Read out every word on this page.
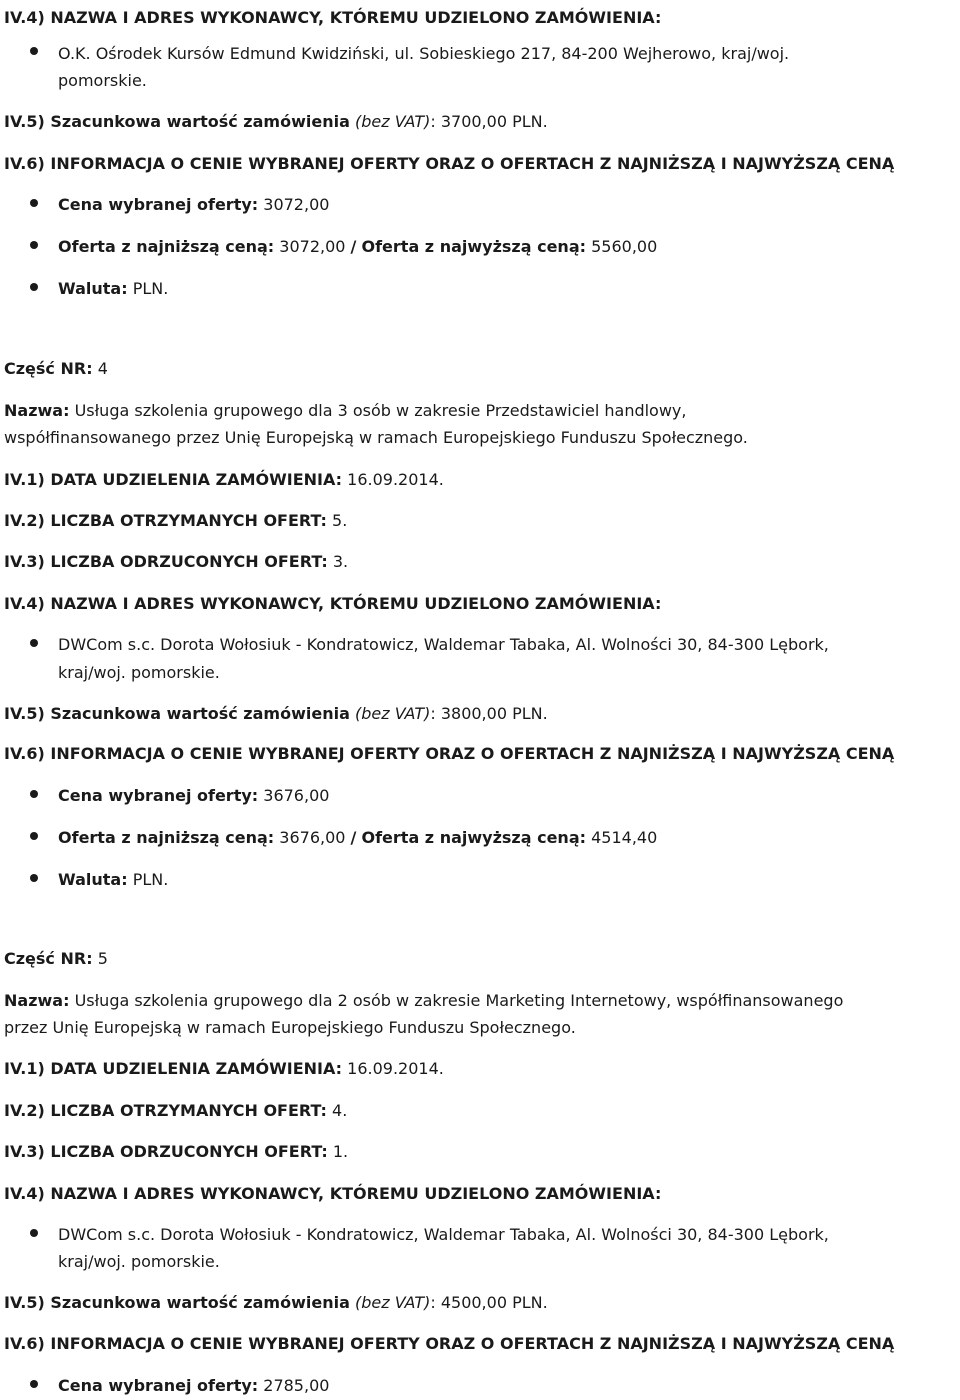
IV.4) NAZWA I ADRES WYKONAWCY, KTÓREMU UDZIELONO ZAMÓWIENIA:
O.K. Ośrodek Kursów Edmund Kwidziński, ul. Sobieskiego 217, 84-200 Wejherowo, kraj/woj.
pomorskie.
IV.5) Szacunkowa wartość zamówienia (bez VAT): 3700,00 PLN.
IV.6) INFORMACJA O CENIE WYBRANEJ OFERTY ORAZ O OFERTACH Z NAJNIŻSZĄ I NAJWYŻSZĄ CENĄ
Cena wybranej oferty: 3072,00
Oferta z najniższą ceną: 3072,00 / Oferta z najwyższą ceną: 5560,00
Waluta: PLN.
Część NR: 4
Nazwa: Usługa szkolenia grupowego dla 3 osób w zakresie Przedstawiciel handlowy,
współfinansowanego przez Unię Europejską w ramach Europejskiego Funduszu Społecznego.
IV.1) DATA UDZIELENIA ZAMÓWIENIA: 16.09.2014.
IV.2) LICZBA OTRZYMANYCH OFERT: 5.
IV.3) LICZBA ODRZUCONYCH OFERT: 3.
IV.4) NAZWA I ADRES WYKONAWCY, KTÓREMU UDZIELONO ZAMÓWIENIA:
DWCom s.c. Dorota Wołosiuk - Kondratowicz, Waldemar Tabaka, Al. Wolności 30, 84-300 Lębork,
kraj/woj. pomorskie.
IV.5) Szacunkowa wartość zamówienia (bez VAT): 3800,00 PLN.
IV.6) INFORMACJA O CENIE WYBRANEJ OFERTY ORAZ O OFERTACH Z NAJNIŻSZĄ I NAJWYŻSZĄ CENĄ
Cena wybranej oferty: 3676,00
Oferta z najniższą ceną: 3676,00 / Oferta z najwyższą ceną: 4514,40
Waluta: PLN.
Część NR: 5
Nazwa: Usługa szkolenia grupowego dla 2 osób w zakresie Marketing Internetowy, współfinansowanego
przez Unię Europejską w ramach Europejskiego Funduszu Społecznego.
IV.1) DATA UDZIELENIA ZAMÓWIENIA: 16.09.2014.
IV.2) LICZBA OTRZYMANYCH OFERT: 4.
IV.3) LICZBA ODRZUCONYCH OFERT: 1.
IV.4) NAZWA I ADRES WYKONAWCY, KTÓREMU UDZIELONO ZAMÓWIENIA:
DWCom s.c. Dorota Wołosiuk - Kondratowicz, Waldemar Tabaka, Al. Wolności 30, 84-300 Lębork,
kraj/woj. pomorskie.
IV.5) Szacunkowa wartość zamówienia (bez VAT): 4500,00 PLN.
IV.6) INFORMACJA O CENIE WYBRANEJ OFERTY ORAZ O OFERTACH Z NAJNIŻSZĄ I NAJWYŻSZĄ CENĄ
Cena wybranej oferty: 2785,00
